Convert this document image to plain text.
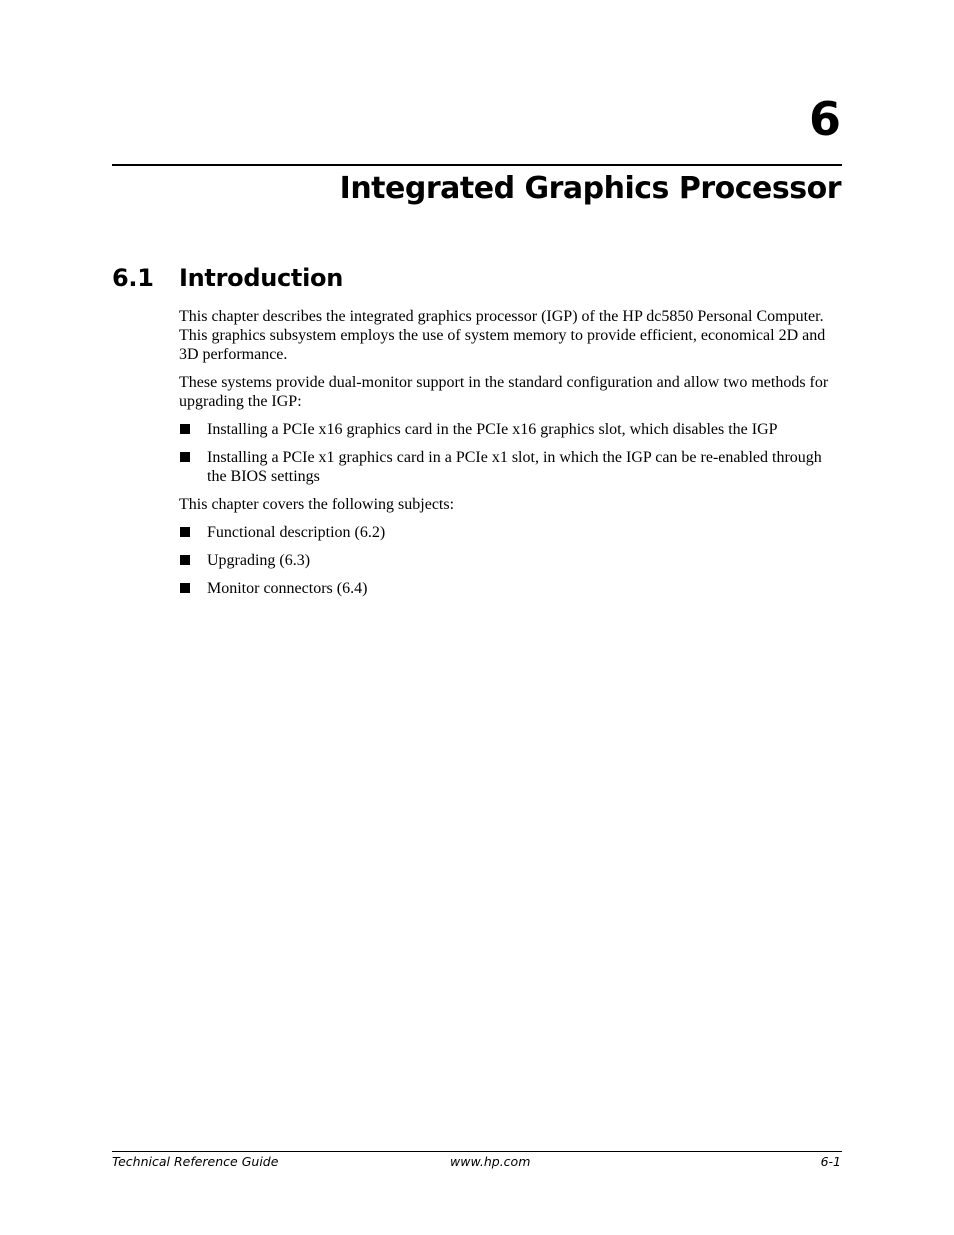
6
Integrated Graphics Processor
6.1 Introduction

This chapter describes the integrated graphics processor (IGP) of the HP dc5850 Personal Computer. This graphics subsystem employs the use of system memory to provide efficient, economical 2D and 3D performance.

These systems provide dual-monitor support in the standard configuration and allow two methods for upgrading the IGP:

Installing a PCIe x16 graphics card in the PCIe x16 graphics slot, which disables the IGP
Installing a PCIe x1 graphics card in a PCIe x1 slot, in which the IGP can be re-enabled through the BIOS settings

This chapter covers the following subjects:

Functional description (6.2)
Upgrading (6.3)
Monitor connectors (6.4)
Technical Reference Guide	www.hp.com	6-1
